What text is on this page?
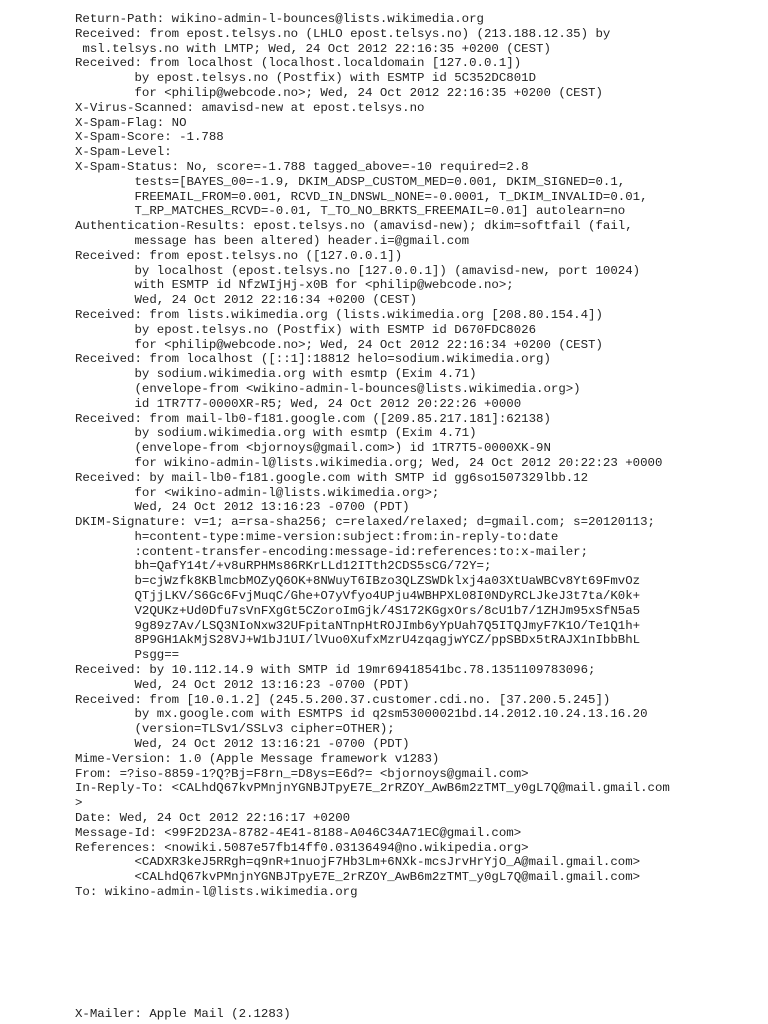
Return-Path: wikino-admin-l-bounces@lists.wikimedia.org
Received: from epost.telsys.no (LHLO epost.telsys.no) (213.188.12.35) by
msl.telsys.no with LMTP; Wed, 24 Oct 2012 22:16:35 +0200 (CEST)
Received: from localhost (localhost.localdomain [127.0.0.1])
by epost.telsys.no (Postfix) with ESMTP id 5C352DC801D
for <philip@webcode.no>; Wed, 24 Oct 2012 22:16:35 +0200 (CEST)
X-Virus-Scanned: amavisd-new at epost.telsys.no
X-Spam-Flag: NO
X-Spam-Score: -1.788
X-Spam-Level:
X-Spam-Status: No, score=-1.788 tagged_above=-10 required=2.8
tests=[BAYES_00=-1.9, DKIM_ADSP_CUSTOM_MED=0.001, DKIM_SIGNED=0.1,
FREEMAIL_FROM=0.001, RCVD_IN_DNSWL_NONE=-0.0001, T_DKIM_INVALID=0.01,
T_RP_MATCHES_RCVD=-0.01, T_TO_NO_BRKTS_FREEMAIL=0.01] autolearn=no
Authentication-Results: epost.telsys.no (amavisd-new); dkim=softfail (fail,
message has been altered) header.i=@gmail.com
Received: from epost.telsys.no ([127.0.0.1])
by localhost (epost.telsys.no [127.0.0.1]) (amavisd-new, port 10024)
with ESMTP id NfzWIjHj-x0B for <philip@webcode.no>;
Wed, 24 Oct 2012 22:16:34 +0200 (CEST)
Received: from lists.wikimedia.org (lists.wikimedia.org [208.80.154.4])
by epost.telsys.no (Postfix) with ESMTP id D670FDC8026
for <philip@webcode.no>; Wed, 24 Oct 2012 22:16:34 +0200 (CEST)
Received: from localhost ([::1]:18812 helo=sodium.wikimedia.org)
by sodium.wikimedia.org with esmtp (Exim 4.71)
(envelope-from <wikino-admin-l-bounces@lists.wikimedia.org>)
id 1TR7T7-0000XR-R5; Wed, 24 Oct 2012 20:22:26 +0000
Received: from mail-lb0-f181.google.com ([209.85.217.181]:62138)
by sodium.wikimedia.org with esmtp (Exim 4.71)
(envelope-from <bjornoys@gmail.com>) id 1TR7T5-0000XK-9N
for wikino-admin-l@lists.wikimedia.org; Wed, 24 Oct 2012 20:22:23 +0000
Received: by mail-lb0-f181.google.com with SMTP id gg6so1507329lbb.12
for <wikino-admin-l@lists.wikimedia.org>;
Wed, 24 Oct 2012 13:16:23 -0700 (PDT)
DKIM-Signature: v=1; a=rsa-sha256; c=relaxed/relaxed; d=gmail.com; s=20120113;
h=content-type:mime-version:subject:from:in-reply-to:date
:content-transfer-encoding:message-id:references:to:x-mailer;
bh=QafY14t/+v8uRPHMs86RKrLLd12ITth2CDS5sCG/72Y=;
b=cjWzfk8KBlmcbMOZyQ6OK+8NWuyT6IBzo3QLZSWDklxj4a03XtUaWBCv8Yt69FmvOz
QTjjLKV/S6Gc6FvjMuqC/Ghe+O7yVfyo4UPju4WBHPXL08I0NDyRCLJkeJ3t7ta/K0k+
V2QUKz+Ud0Dfu7sVnFXgGt5CZoroImGjk/4S172KGgxOrs/8cU1b7/1ZHJm95xSfN5a5
9g89z7Av/LSQ3NIoNxw32UFpitaNTnpHtROJImb6yYpUah7Q5ITQJmyF7K1O/Te1Q1h+
8P9GH1AkMjS28VJ+W1bJ1UI/lVuo0XufxMzrU4zqagjwYCZ/ppSBDx5tRAJX1nIbbBhL
Psgg==
Received: by 10.112.14.9 with SMTP id 19mr69418541bc.78.1351109783096;
Wed, 24 Oct 2012 13:16:23 -0700 (PDT)
Received: from [10.0.1.2] (245.5.200.37.customer.cdi.no. [37.200.5.245])
by mx.google.com with ESMTPS id q2sm53000021bd.14.2012.10.24.13.16.20
(version=TLSv1/SSLv3 cipher=OTHER);
Wed, 24 Oct 2012 13:16:21 -0700 (PDT)
Mime-Version: 1.0 (Apple Message framework v1283)
From: =?iso-8859-1?Q?Bj=F8rn_=D8ys=E6d?= <bjornoys@gmail.com>
In-Reply-To: <CALhdQ67kvPMnjnYGNBJTpyE7E_2rRZOY_AwB6m2zTMT_y0gL7Q@mail.gmail.com
>
Date: Wed, 24 Oct 2012 22:16:17 +0200
Message-Id: <99F2D23A-8782-4E41-8188-A046C34A71EC@gmail.com>
References: <nowiki.5087e57fb14ff0.03136494@no.wikipedia.org>
<CADXR3keJ5RRgh=q9nR+1nuojF7Hb3Lm+6NXk-mcsJrvHrYjO_A@mail.gmail.com>
<CALhdQ67kvPMnjnYGNBJTpyE7E_2rRZOY_AwB6m2zTMT_y0gL7Q@mail.gmail.com>
To: wikino-admin-l@lists.wikimedia.org
X-Mailer: Apple Mail (2.1283)
